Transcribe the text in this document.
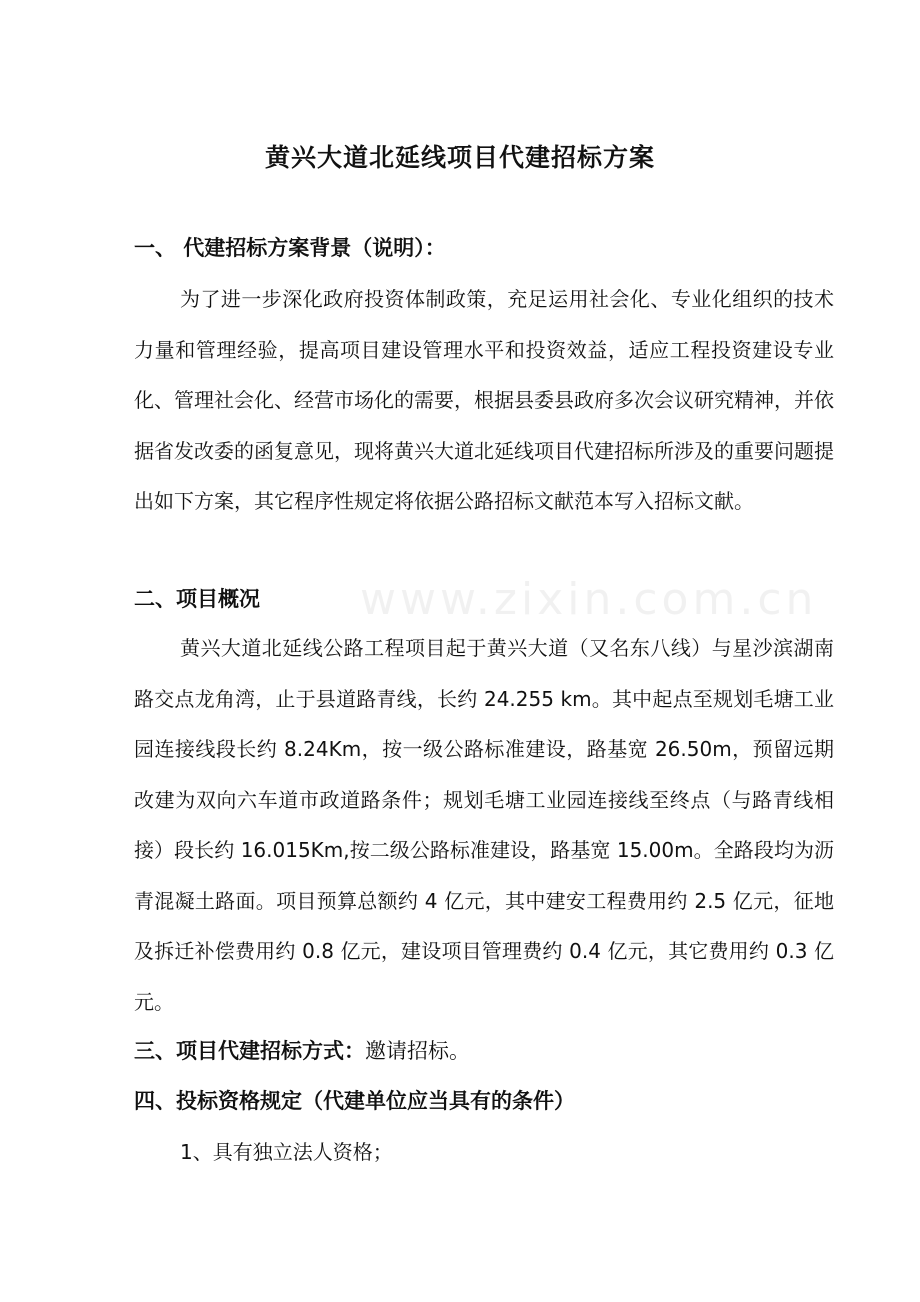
www.zixin.com.cn
黄兴大道北延线项目代建招标方案
一、 代建招标方案背景（说明）：
为了进一步深化政府投资体制政策，充足运用社会化、专业化组织的技术力量和管理经验，提高项目建设管理水平和投资效益，适应工程投资建设专业化、管理社会化、经营市场化的需要，根据县委县政府多次会议研究精神，并依据省发改委的函复意见，现将黄兴大道北延线项目代建招标所涉及的重要问题提出如下方案，其它程序性规定将依据公路招标文献范本写入招标文献。
二、项目概况
黄兴大道北延线公路工程项目起于黄兴大道（又名东八线）与星沙滨湖南路交点龙角湾，止于县道路青线，长约 24.255 km。其中起点至规划毛塘工业园连接线段长约 8.24Km，按一级公路标准建设，路基宽 26.50m，预留远期改建为双向六车道市政道路条件；规划毛塘工业园连接线至终点（与路青线相接）段长约 16.015Km,按二级公路标准建设，路基宽 15.00m。全路段均为沥青混凝土路面。项目预算总额约 4 亿元，其中建安工程费用约 2.5 亿元，征地及拆迁补偿费用约 0.8 亿元，建设项目管理费约 0.4 亿元，其它费用约 0.3 亿元。
三、项目代建招标方式：邀请招标。
四、投标资格规定（代建单位应当具有的条件）
1、具有独立法人资格；
